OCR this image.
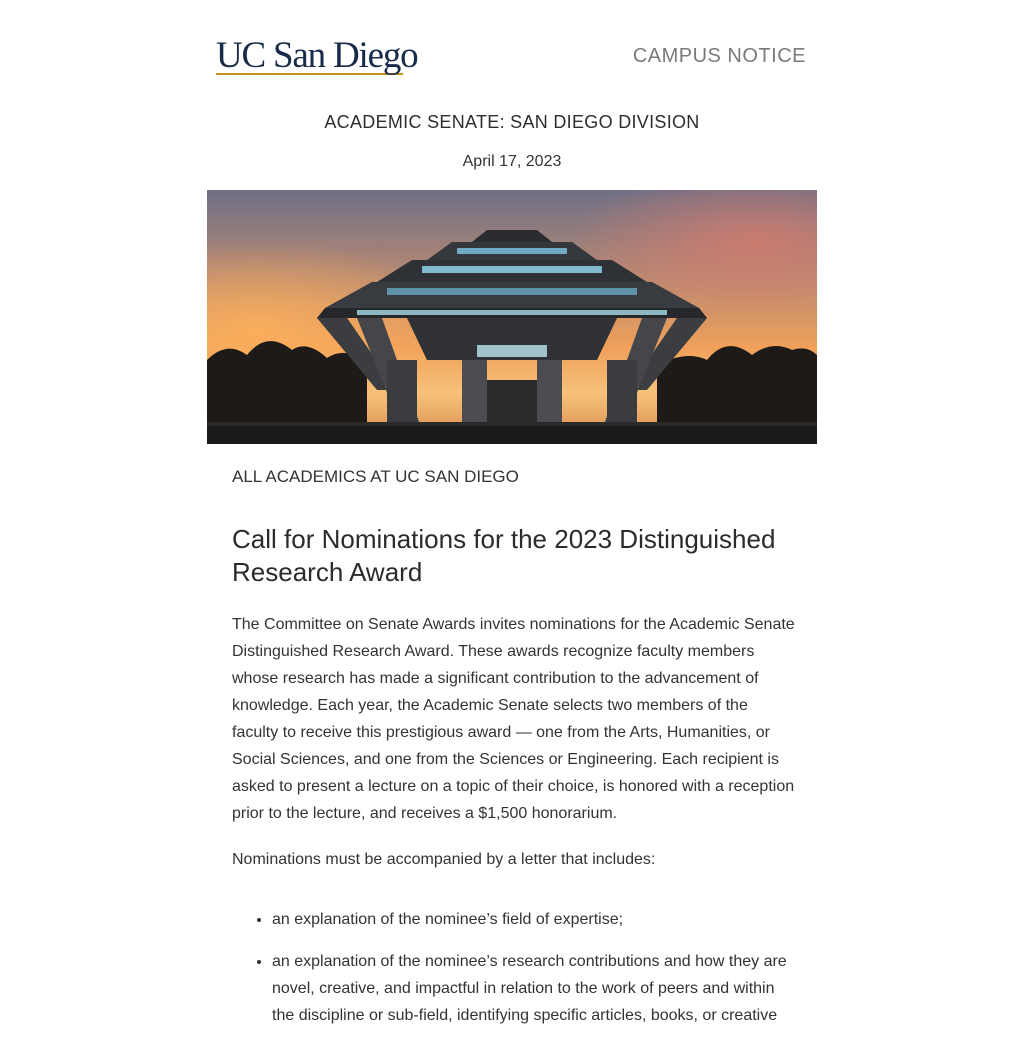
UC San Diego	CAMPUS NOTICE
ACADEMIC SENATE: SAN DIEGO DIVISION
April 17, 2023

ALL ACADEMICS AT UC SAN DIEGO

Call for Nominations for the 2023 Distinguished Research Award

The Committee on Senate Awards invites nominations for the Academic Senate Distinguished Research Award. These awards recognize faculty members whose research has made a significant contribution to the advancement of knowledge. Each year, the Academic Senate selects two members of the faculty to receive this prestigious award — one from the Arts, Humanities, or Social Sciences, and one from the Sciences or Engineering. Each recipient is asked to present a lecture on a topic of their choice, is honored with a reception prior to the lecture, and receives a $1,500 honorarium.

Nominations must be accompanied by a letter that includes:

• an explanation of the nominee’s field of expertise;
• an explanation of the nominee’s research contributions and how they are novel, creative, and impactful in relation to the work of peers and within the discipline or sub-field, identifying specific articles, books, or creative
